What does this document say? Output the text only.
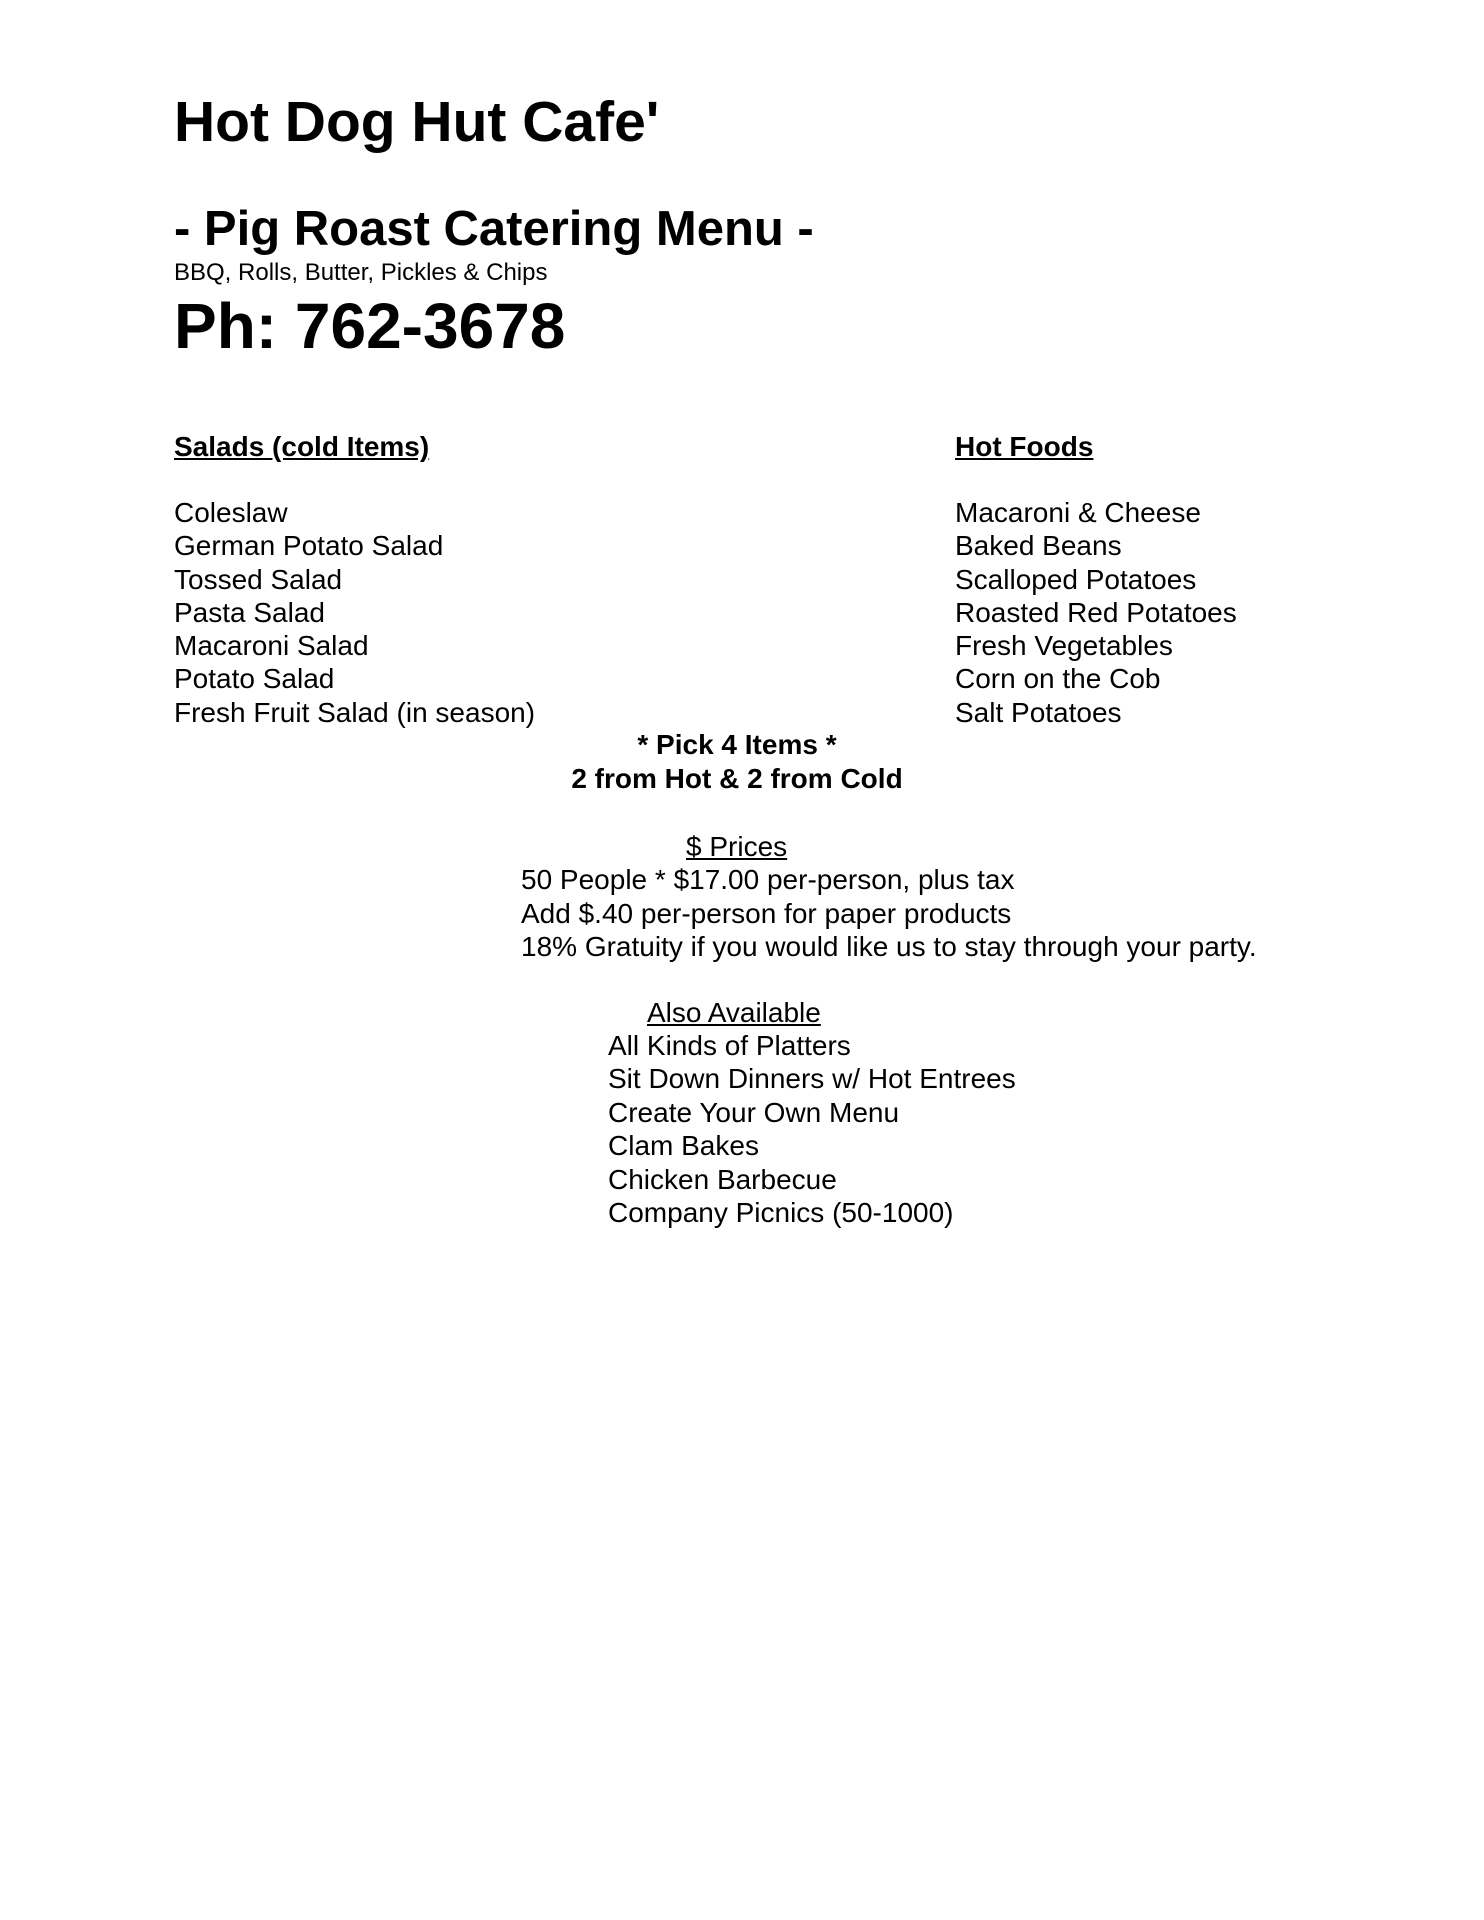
Hot Dog Hut Cafe'
- Pig Roast Catering Menu -
BBQ, Rolls, Butter, Pickles & Chips
Ph: 762-3678
Salads (cold Items)	Hot Foods
Coleslaw
German Potato Salad
Tossed Salad
Pasta Salad
Macaroni Salad
Potato Salad
Fresh Fruit Salad (in season)
Macaroni & Cheese
Baked Beans
Scalloped Potatoes
Roasted Red Potatoes
Fresh Vegetables
Corn on the Cob
Salt Potatoes
* Pick 4 Items *
2 from Hot & 2 from Cold
$ Prices
50 People * $17.00 per-person, plus tax
Add $.40 per-person for paper products
18% Gratuity if you would like us to stay through your party.
Also Available
All Kinds of Platters
Sit Down Dinners w/ Hot Entrees
Create Your Own Menu
Clam Bakes
Chicken Barbecue
Company Picnics (50-1000)
